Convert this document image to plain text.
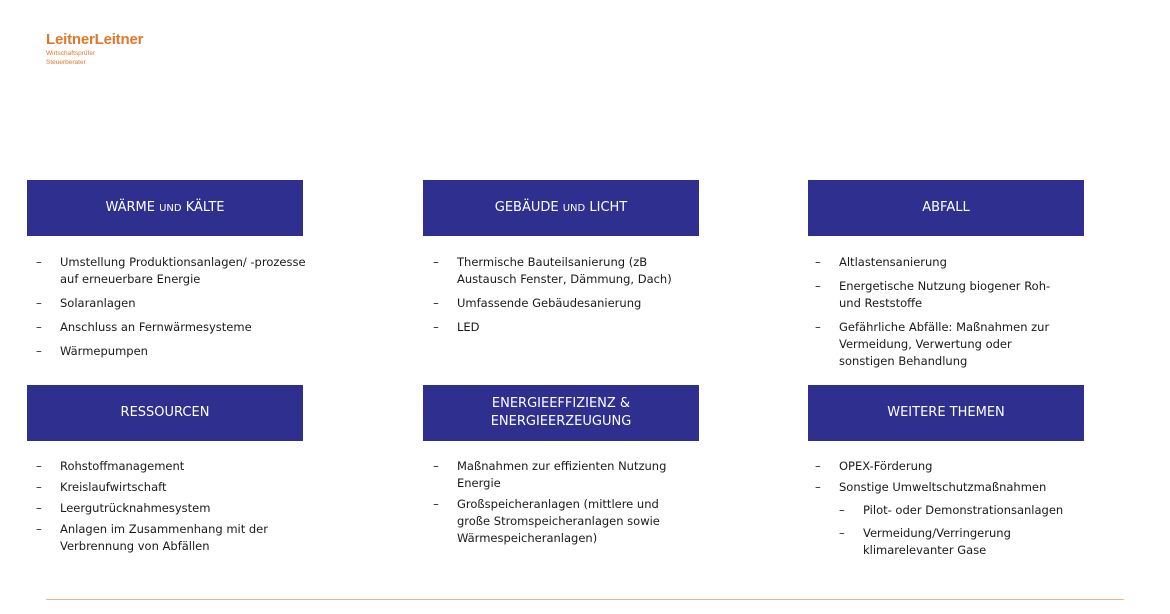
LeitnerLeitner
Wirtschaftsprüfer
Steuerberater
WÄRME UND KÄLTE
– Umstellung Produktionsanlagen/ -prozesse auf erneuerbare Energie
– Solaranlagen
– Anschluss an Fernwärmesysteme
– Wärmepumpen
GEBÄUDE UND LICHT
– Thermische Bauteilsanierung (zB Austausch Fenster, Dämmung, Dach)
– Umfassende Gebäudesanierung
– LED
ABFALL
– Altlastensanierung
– Energetische Nutzung biogener Roh- und Reststoffe
– Gefährliche Abfälle: Maßnahmen zur Vermeidung, Verwertung oder sonstigen Behandlung
RESSOURCEN
– Rohstoffmanagement
– Kreislaufwirtschaft
– Leergutrücknahmesystem
– Anlagen im Zusammenhang mit der Verbrennung von Abfällen
ENERGIEEFFIZIENZ &
ENERGIEERZEUGUNG
– Maßnahmen zur effizienten Nutzung Energie
– Großspeicheranlagen (mittlere und große Stromspeicheranlagen sowie Wärmespeicheranlagen)
WEITERE THEMEN
– OPEX-Förderung
– Sonstige Umweltschutzmaßnahmen
– Pilot- oder Demonstrationsanlagen
– Vermeidung/Verringerung klimarelevanter Gase
